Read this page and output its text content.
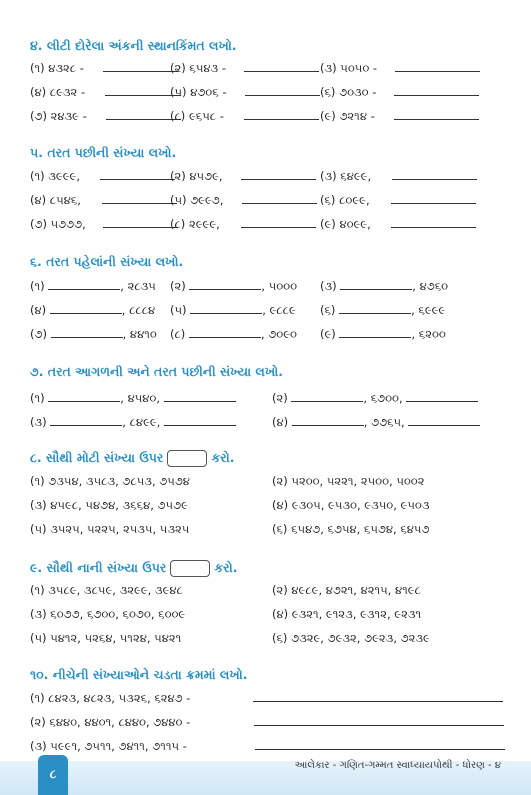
૪. લીટી દોરેલા અંકની સ્થાનકિંમત લખો.
(૧) ૪૩૨૮ -	(૨) ૬૫૪૩ -	(૩) ૫૦૫૦ -
(૪) ૮૯૩૨ -	(૫) ૪૭૦૬ -	(૬) ૭૦૩૦ -
(૭) ૨૪૩૯ -	(૮) ૯૬૫૮ -	(૯) ૭૨૧૪ -
૫. તરત પછીની સંખ્યા લખો.
(૧) ૩૯૯૯,	(૨) ૪૫૭૯,	(૩) ૬૪૯૯,
(૪) ૮૫૪૬,	(૫) ૭૯૯૭,	(૬) ૮૦૯૯,
(૭) ૫૭૭૭,	(૮) ૨૯૯૯,	(૯) ૪૦૯૯,
૬. તરત પહેલાંની સંખ્યા લખો.
(૧)	, ૨૮૩૫ (૨)	, ૫૦૦૦ (૩)	, ૪૭૬૦
(૪)	, ૮૮૮૪ (૫)	, ૯૮૮૯ (૬)	, ૬૯૯૯
(૭)	, ૪૪૧૦ (૮)	, ૭૦૯૦ (૯)	, ૬૨૦૦
૭. તરત આગળની અને તરત પછીની સંખ્યા લખો.
(૧)	, ૪૫૪૦,	(૨)	, ૬૭૦૦,
(૩)	, ૮૪૯૯,	(૪)	, ૭૭૬૫,
૮. સૌથી મોટી સંખ્યા ઉપર	કરો.
(૧) ૭૩૫૪, ૩૫૮૩, ૭૮૫૩, ૭૫૭૪	(૨) ૫૨૦૦, ૫૨૨૧, ૨૫૦૦, ૫૦૦૨
(૩) ૪૫૯૮, ૫૪૭૪, ૩૬૬૪, ૭૫૭૯	(૪) ૯૩૦૫, ૯૫૩૦, ૯૩૫૦, ૯૫૦૩
(૫) ૩૫૨૫, ૫૨૨૫, ૨૫૩૫, ૫૩૨૫	(૬) ૬૫૪૭, ૬૭૫૪, ૬૫૭૪, ૬૪૫૭
૯. સૌથી નાની સંખ્યા ઉપર	કરો.
(૧) ૩૫૮૯, ૩૮૫૯, ૩૨૯૯, ૩૯૪૮	(૨) ૪૯૮૯, ૪૭૨૧, ૪૨૧૫, ૪૧૯૮
(૩) ૬૦૭૭, ૬૭૦૦, ૬૦૭૦, ૬૦૦૯	(૪) ૯૩૨૧, ૯૧૨૩, ૯૩૧૨, ૯૨૩૧
(૫) ૫૪૧૨, ૫૨૬૪, ૫૧૨૪, ૫૪૨૧	(૬) ૭૩૨૯, ૭૯૩૨, ૭૯૨૩, ૭૨૩૯
૧૦. નીચેની સંખ્યાઓને ચડતા ક્રમમાં લખો.
(૧) ૮૪૨૩, ૪૮૨૩, ૫૩૨૬, ૬૨૪૭ -
(૨) ૬૪૪૦, ૪૪૦૧, ૮૪૪૦, ૭૪૪૦ -
(૩) ૫૯૯૧, ૭૫૧૧, ૭૪૧૧, ૭૧૧૫ -
આલેકાર - ગણિત-ગમ્મત સ્વાધ્યાયપોથી - ધોરણ - ૪
૮
